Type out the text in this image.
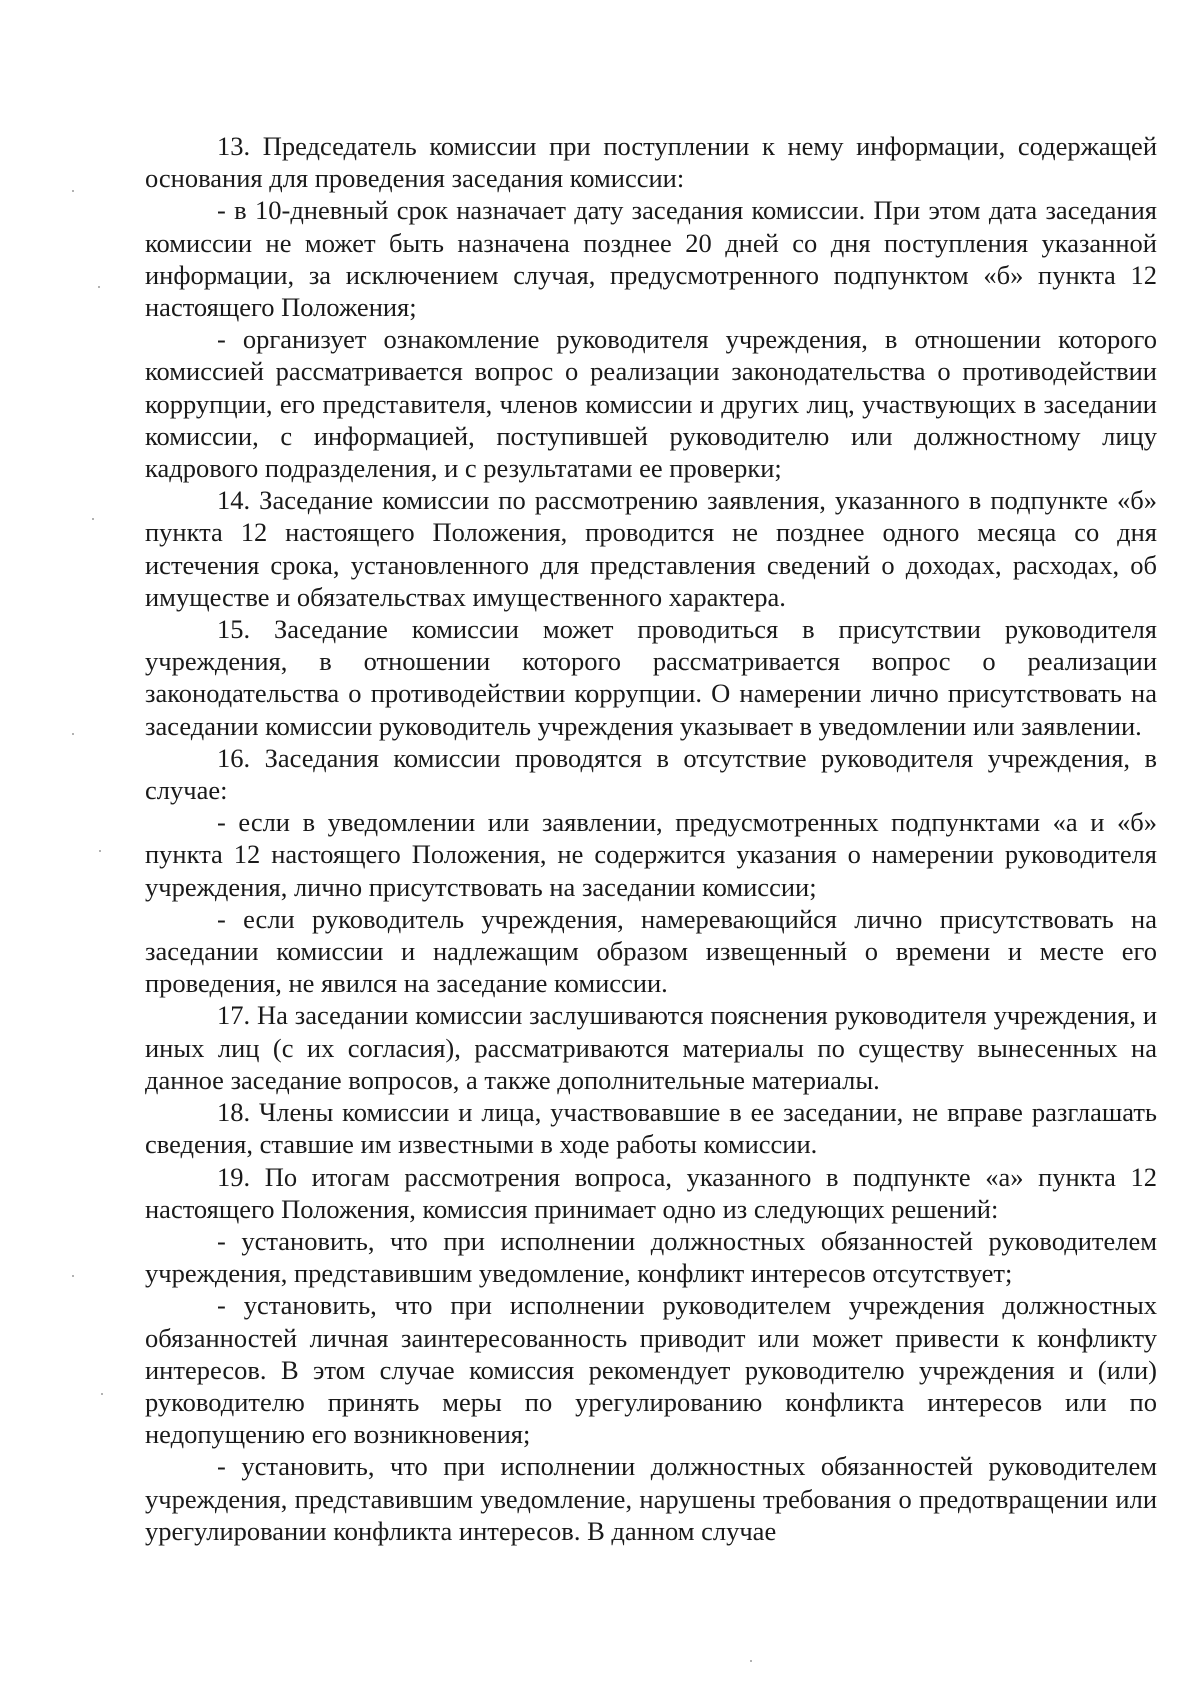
13. Председатель комиссии при поступлении к нему информации, содержащей основания для проведения заседания комиссии:

- в 10-дневный срок назначает дату заседания комиссии. При этом дата заседания комиссии не может быть назначена позднее 20 дней со дня поступления указанной информации, за исключением случая, предусмотренного подпунктом «б» пункта 12 настоящего Положения;

- организует ознакомление руководителя учреждения, в отношении которого комиссией рассматривается вопрос о реализации законодательства о противодействии коррупции, его представителя, членов комиссии и других лиц, участвующих в заседании комиссии, с информацией, поступившей руководителю или должностному лицу кадрового подразделения, и с результатами ее проверки;

14. Заседание комиссии по рассмотрению заявления, указанного в подпункте «б» пункта 12 настоящего Положения, проводится не позднее одного месяца со дня истечения срока, установленного для представления сведений о доходах, расходах, об имуществе и обязательствах имущественного характера.

15. Заседание комиссии может проводиться в присутствии руководителя учреждения, в отношении которого рассматривается вопрос о реализации законодательства о противодействии коррупции. О намерении лично присутствовать на заседании комиссии руководитель учреждения указывает в уведомлении или заявлении.

16. Заседания комиссии проводятся в отсутствие руководителя учреждения, в случае:

- если в уведомлении или заявлении, предусмотренных подпунктами «а и «б» пункта 12 настоящего Положения, не содержится указания о намерении руководителя учреждения, лично присутствовать на заседании комиссии;

- если руководитель учреждения, намеревающийся лично присутствовать на заседании комиссии и надлежащим образом извещенный о времени и месте его проведения, не явился на заседание комиссии.

17. На заседании комиссии заслушиваются пояснения руководителя учреждения, и иных лиц (с их согласия), рассматриваются материалы по существу вынесенных на данное заседание вопросов, а также дополнительные материалы.

18. Члены комиссии и лица, участвовавшие в ее заседании, не вправе разглашать сведения, ставшие им известными в ходе работы комиссии.

19. По итогам рассмотрения вопроса, указанного в подпункте «а» пункта 12 настоящего Положения, комиссия принимает одно из следующих решений:

- установить, что при исполнении должностных обязанностей руководителем учреждения, представившим уведомление, конфликт интересов отсутствует;

- установить, что при исполнении руководителем учреждения должностных обязанностей личная заинтересованность приводит или может привести к конфликту интересов. В этом случае комиссия рекомендует руководителю учреждения и (или) руководителю принять меры по урегулированию конфликта интересов или по недопущению его возникновения;

- установить, что при исполнении должностных обязанностей руководителем учреждения, представившим уведомление, нарушены требования о предотвращении или урегулировании конфликта интересов. В данном случае
